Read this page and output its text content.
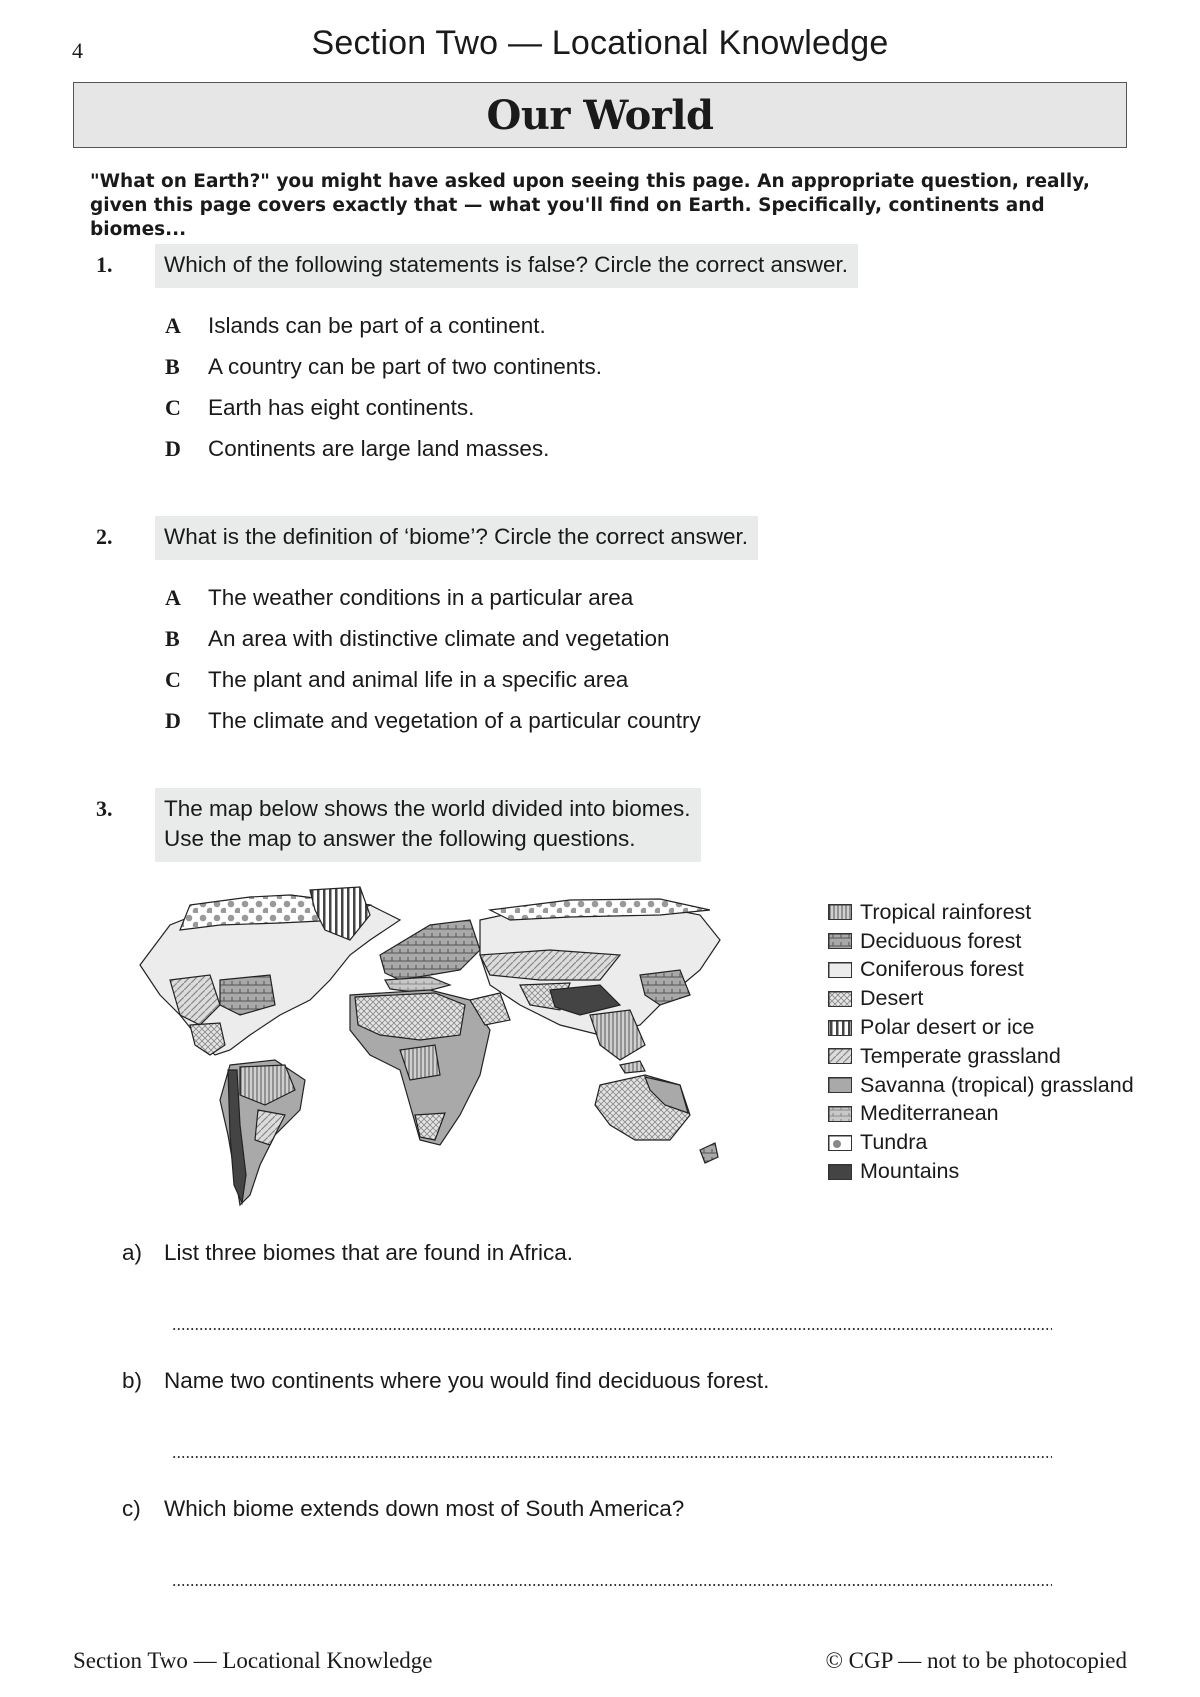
4	Section Two — Locational Knowledge
Our World
"What on Earth?" you might have asked upon seeing this page. An appropriate question, really, given this page covers exactly that — what you'll find on Earth. Specifically, continents and biomes...
1.	Which of the following statements is false? Circle the correct answer.
A	Islands can be part of a continent.
B	A country can be part of two continents.
C	Earth has eight continents.
D	Continents are large land masses.
2.	What is the definition of ‘biome’? Circle the correct answer.
A	The weather conditions in a particular area
B	An area with distinctive climate and vegetation
C	The plant and animal life in a specific area
D	The climate and vegetation of a particular country
3. The map below shows the world divided into biomes.
Use the map to answer the following questions.
Tropical rainforest
Deciduous forest
Coniferous forest
Desert
Polar desert or ice
Temperate grassland
Savanna (tropical) grassland
Mediterranean
Tundra
Mountains
a) List three biomes that are found in Africa.
b) Name two continents where you would find deciduous forest.
c)	Which biome extends down most of South America?
Section Two — Locational Knowledge	© CGP — not to be photocopied
